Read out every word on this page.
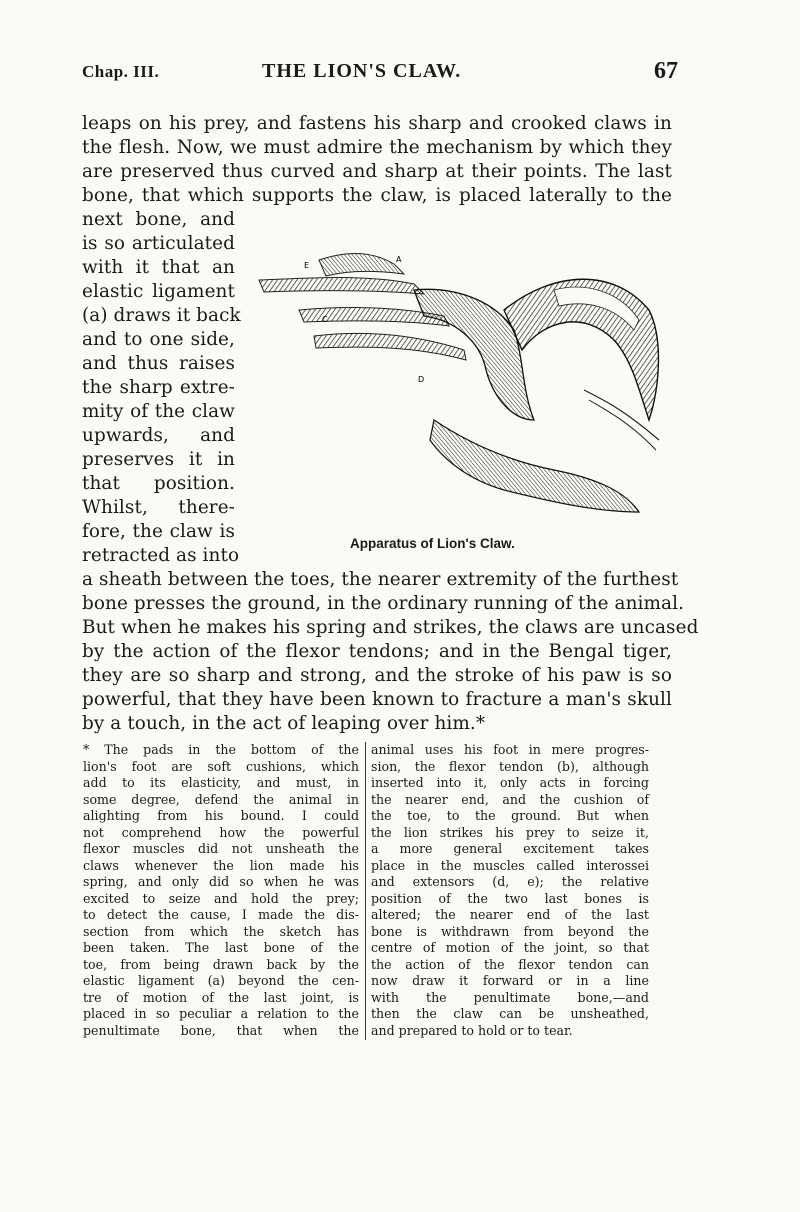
Chap. III.	THE LION'S CLAW.	67
leaps on his prey, and fastens his sharp and crooked claws in
the flesh. Now, we must admire the mechanism by which they
are preserved thus curved and sharp at their points. The last
bone, that which supports the claw, is placed laterally to the
next bone, and
is so articulated
with it that an
elastic ligament
(a) draws it back
and to one side,
and thus raises
the sharp extre-
mity of the claw
upwards, and
preserves it in
that position.
Whilst, there-
fore, the claw is
retracted as into
A
E
C
D
Apparatus of Lion's Claw.
a sheath between the toes, the nearer extremity of the furthest
bone presses the ground, in the ordinary running of the animal.
But when he makes his spring and strikes, the claws are uncased
by the action of the flexor tendons; and in the Bengal tiger,
they are so sharp and strong, and the stroke of his paw is so
powerful, that they have been known to fracture a man's skull
by a touch, in the act of leaping over him.*
* The pads in the bottom of the
lion's foot are soft cushions, which
add to its elasticity, and must, in
some degree, defend the animal in
alighting from his bound. I could
not comprehend how the powerful
flexor muscles did not unsheath the
claws whenever the lion made his
spring, and only did so when he was
excited to seize and hold the prey;
to detect the cause, I made the dis-
section from which the sketch has
been taken. The last bone of the
toe, from being drawn back by the
elastic ligament (a) beyond the cen-
tre of motion of the last joint, is
placed in so peculiar a relation to the
penultimate bone, that when the
animal uses his foot in mere progres-
sion, the flexor tendon (b), although
inserted into it, only acts in forcing
the nearer end, and the cushion of
the toe, to the ground. But when
the lion strikes his prey to seize it,
a more general excitement takes
place in the muscles called interossei
and extensors (d, e); the relative
position of the two last bones is
altered; the nearer end of the last
bone is withdrawn from beyond the
centre of motion of the joint, so that
the action of the flexor tendon can
now draw it forward or in a line
with the penultimate bone,—and
then the claw can be unsheathed,
and prepared to hold or to tear.
